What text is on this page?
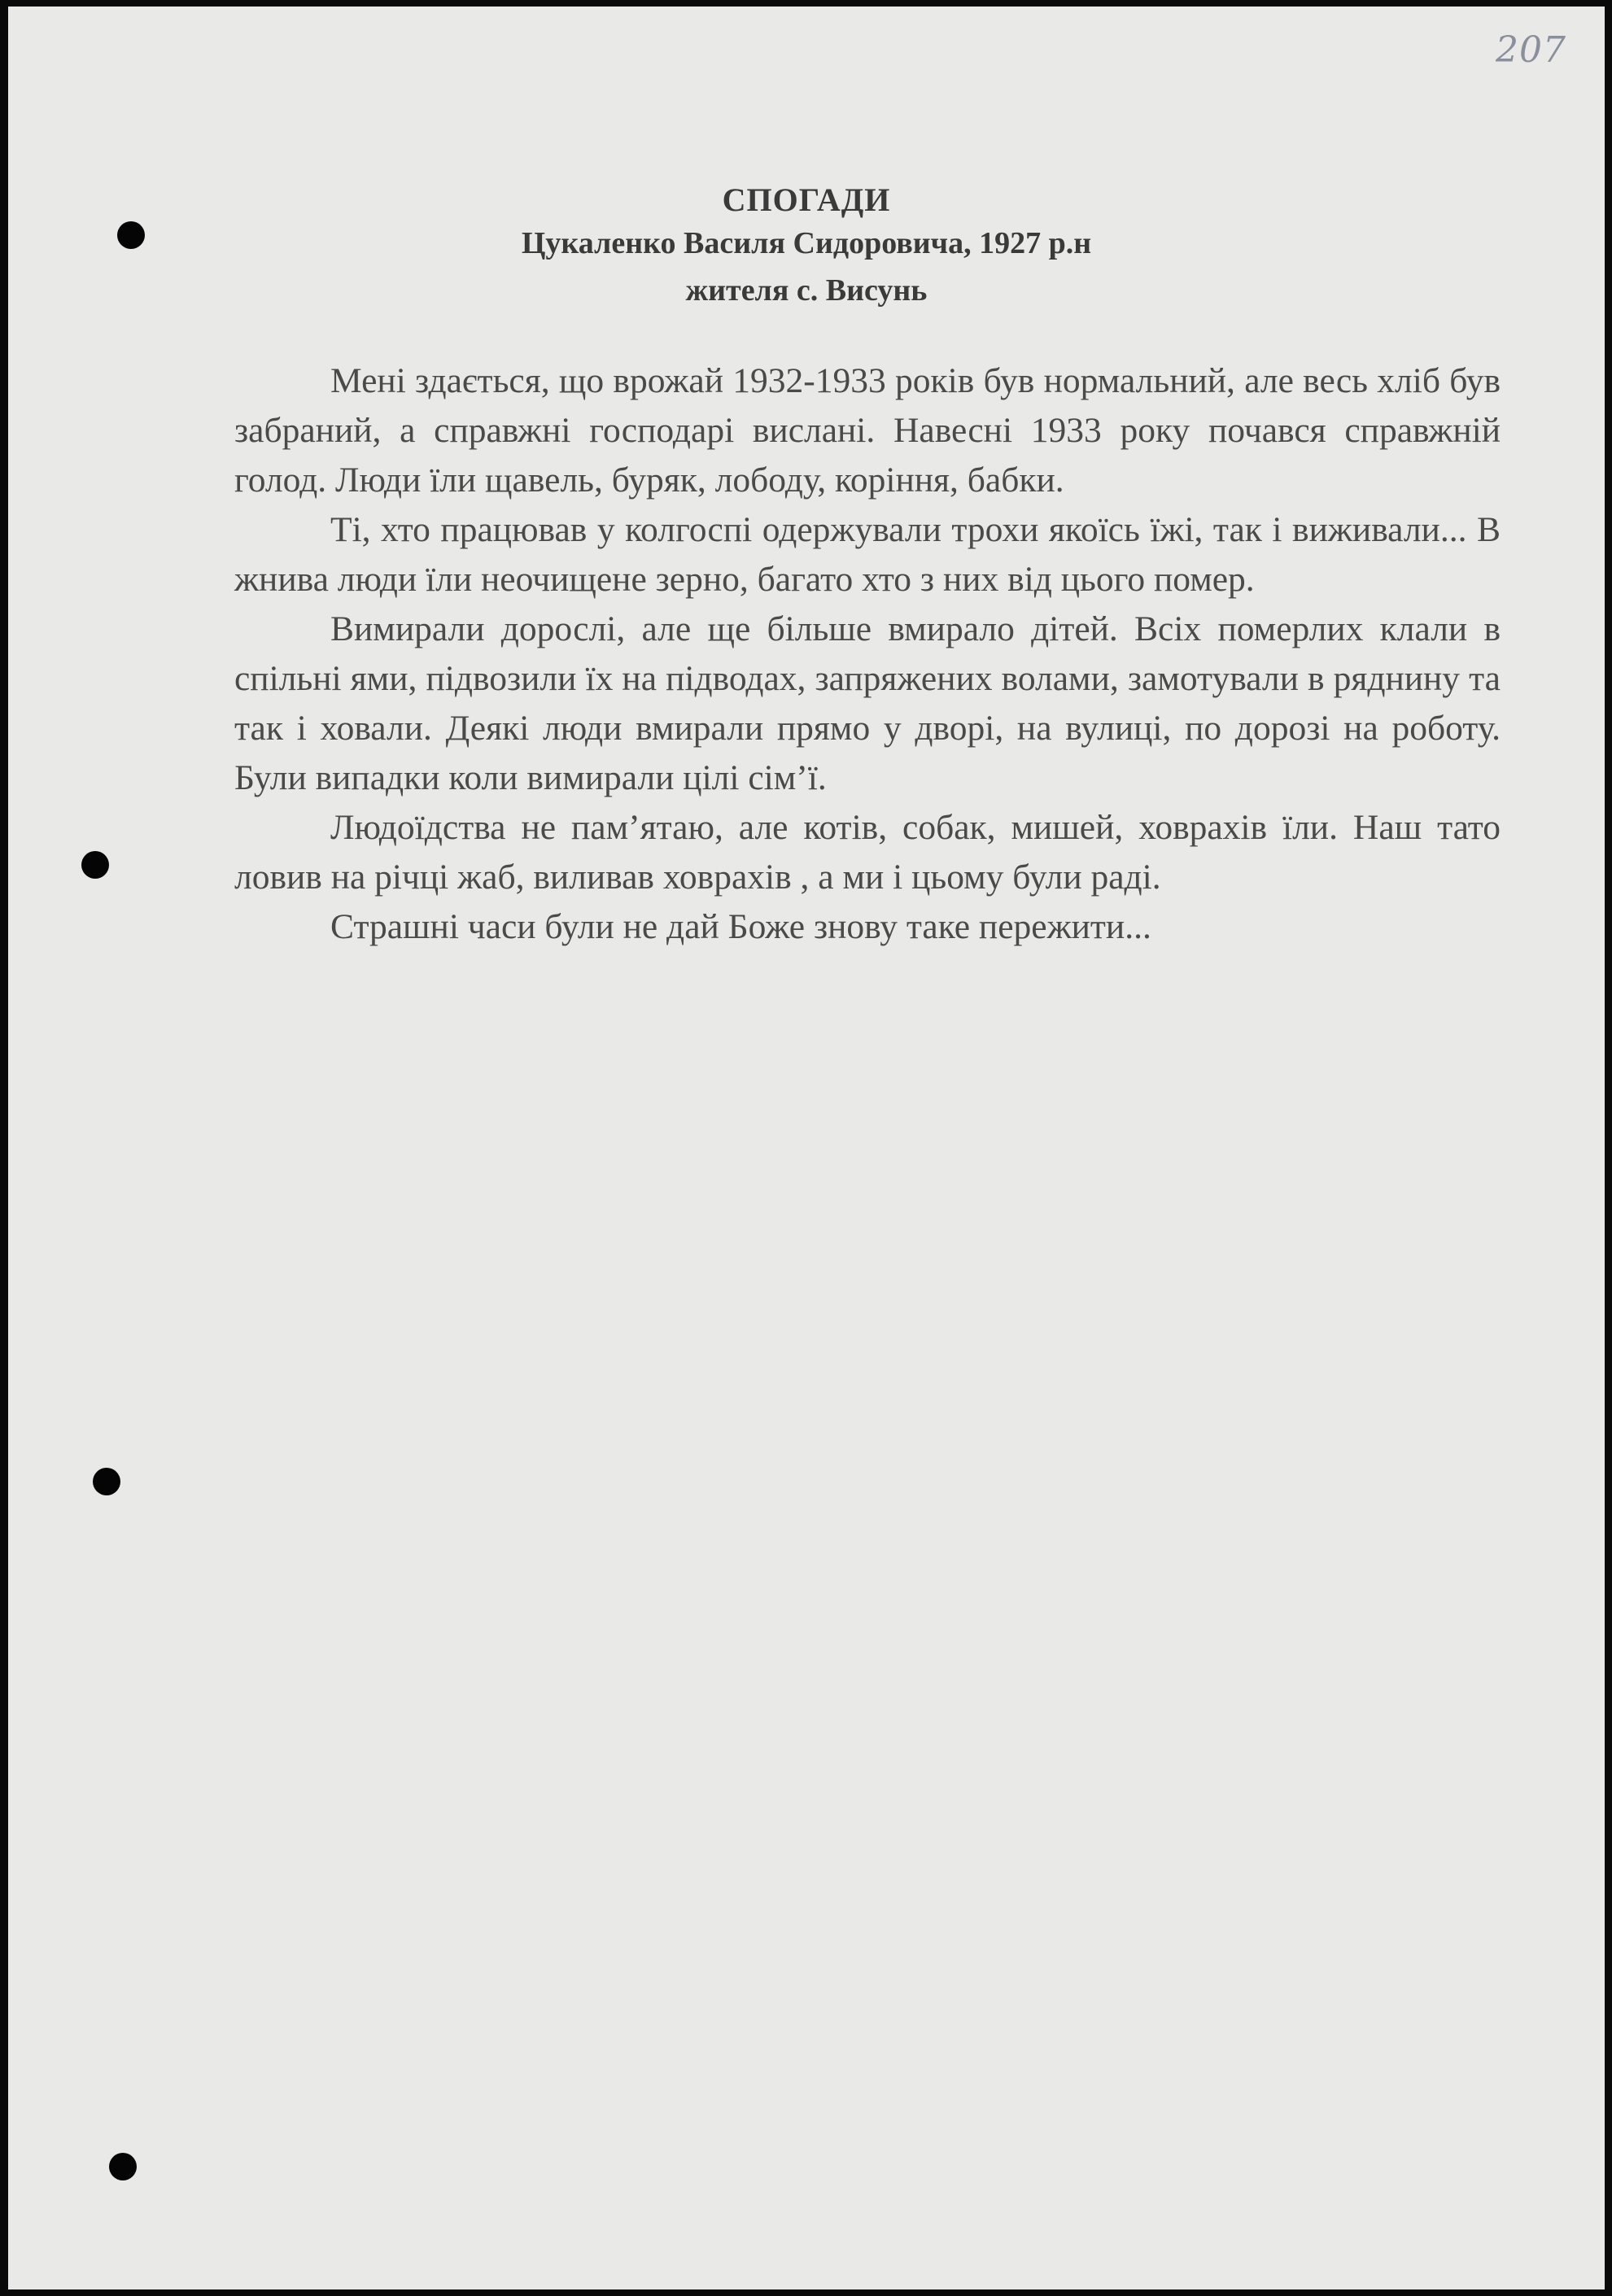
207
СПОГАДИ
Цукаленко Василя Сидоровича, 1927 р.н
жителя с. Висунь

Мені здається, що врожай 1932-1933 років був нормальний, але весь хліб був забраний, а справжні господарі вислані. Навесні 1933 року почався справжній голод. Люди їли щавель, буряк, лободу, коріння, бабки.

Ті, хто працював у колгоспі одержували трохи якоїсь їжі, так і виживали... В жнива люди їли неочищене зерно, багато хто з них від цього помер.

Вимирали дорослі, але ще більше вмирало дітей. Всіх померлих клали в спільні ями, підвозили їх на підводах, запряжених волами, замотували в ряднину та так і ховали. Деякі люди вмирали прямо у дворі, на вулиці, по дорозі на роботу. Були випадки коли вимирали цілі сім’ї.

Людоїдства не пам’ятаю, але котів, собак, мишей, ховрахів їли. Наш тато ловив на річці жаб, виливав ховрахів , а ми і цьому були раді.

Страшні часи були не дай Боже знову таке пережити...
